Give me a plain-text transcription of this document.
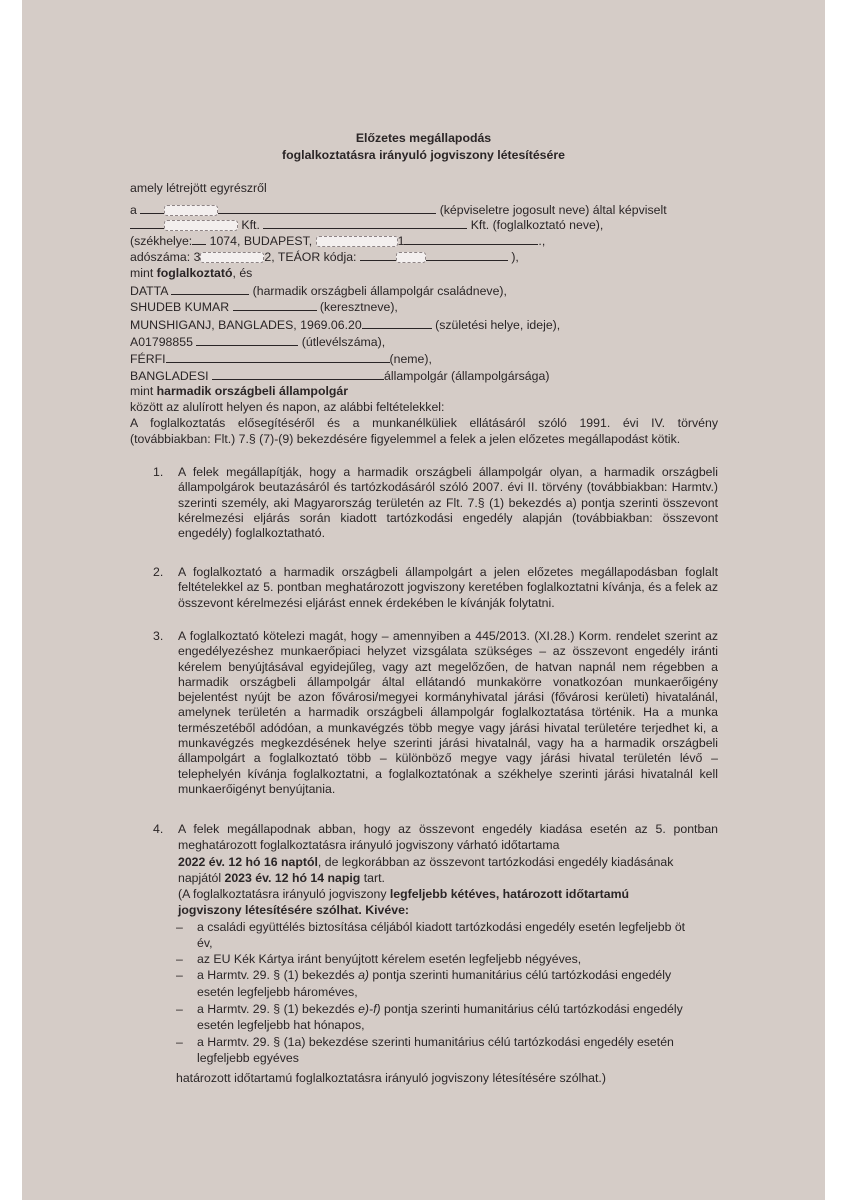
Előzetes megállapodás
foglalkoztatásra irányuló jogviszony létesítésére
amely létrejött egyrészről
a	(képviseletre jogosult neve) által képviselt
Kft.	Kft. (foglalkoztató neve),
(székhelye: 1074, BUDAPEST,	1	.,
adószáma: 3	2, TEÁOR kódja:	),
mint foglalkoztató, és
DATTA	(harmadik országbeli állampolgár családneve),
SHUDEB KUMAR	(keresztneve),
MUNSHIGANJ, BANGLADES, 1969.06.20	(születési helye, ideje),
A01798855	(útlevélszáma),
FÉRFI	(neme),
BANGLADESI	állampolgár (állampolgársága)
mint harmadik országbeli állampolgár
között az alulírott helyen és napon, az alábbi feltételekkel:
A foglalkoztatás elősegítéséről és a munkanélküliek ellátásáról szóló 1991. évi IV. törvény
(továbbiakban: Flt.) 7.§ (7)-(9) bekezdésére figyelemmel a felek a jelen előzetes megállapodást kötik.
1. A felek megállapítják, hogy a harmadik országbeli állampolgár olyan, a harmadik országbeli állampolgárok beutazásáról és tartózkodásáról szóló 2007. évi II. törvény (továbbiakban: Harmtv.) szerinti személy, aki Magyarország területén az Flt. 7.§ (1) bekezdés a) pontja szerinti összevont kérelmezési eljárás során kiadott tartózkodási engedély alapján (továbbiakban: összevont engedély) foglalkoztatható.
2. A foglalkoztató a harmadik országbeli állampolgárt a jelen előzetes megállapodásban foglalt feltételekkel az 5. pontban meghatározott jogviszony keretében foglalkoztatni kívánja, és a felek az összevont kérelmezési eljárást ennek érdekében le kívánják folytatni.
3. A foglalkoztató kötelezi magát, hogy – amennyiben a 445/2013. (XI.28.) Korm. rendelet szerint az engedélyezéshez munkaerőpiaci helyzet vizsgálata szükséges – az összevont engedély iránti kérelem benyújtásával egyidejűleg, vagy azt megelőzően, de hatvan napnál nem régebben a harmadik országbeli állampolgár által ellátandó munkakörre vonatkozóan munkaerőigény bejelentést nyújt be azon fővárosi/megyei kormányhivatal járási (fővárosi kerületi) hivatalánál, amelynek területén a harmadik országbeli állampolgár foglalkoztatása történik. Ha a munka természetéből adódóan, a munkavégzés több megye vagy járási hivatal területére terjedhet ki, a munkavégzés megkezdésének helye szerinti járási hivatalnál, vagy ha a harmadik országbeli állampolgárt a foglalkoztató több – különböző megye vagy járási hivatal területén lévő – telephelyén kívánja foglalkoztatni, a foglalkoztatónak a székhelye szerinti járási hivatalnál kell munkaerőigényt benyújtania.
4. A felek megállapodnak abban, hogy az összevont engedély kiadása esetén az 5. pontban
meghatározott foglalkoztatásra irányuló jogviszony várható időtartama
2022 év. 12 hó 16 naptól, de legkorábban az összevont tartózkodási engedély kiadásának
napjától 2023 év. 12 hó 14 napig tart.
(A foglalkoztatásra irányuló jogviszony legfeljebb kétéves, határozott időtartamú
jogviszony létesítésére szólhat. Kivéve:
– a családi együttélés biztosítása céljából kiadott tartózkodási engedély esetén legfeljebb öt
év,
– az EU Kék Kártya iránt benyújtott kérelem esetén legfeljebb négyéves,
– a Harmtv. 29. § (1) bekezdés a) pontja szerinti humanitárius célú tartózkodási engedély
esetén legfeljebb hároméves,
– a Harmtv. 29. § (1) bekezdés e)-f) pontja szerinti humanitárius célú tartózkodási engedély
esetén legfeljebb hat hónapos,
– a Harmtv. 29. § (1a) bekezdése szerinti humanitárius célú tartózkodási engedély esetén
legfeljebb egyéves
határozott időtartamú foglalkoztatásra irányuló jogviszony létesítésére szólhat.)
